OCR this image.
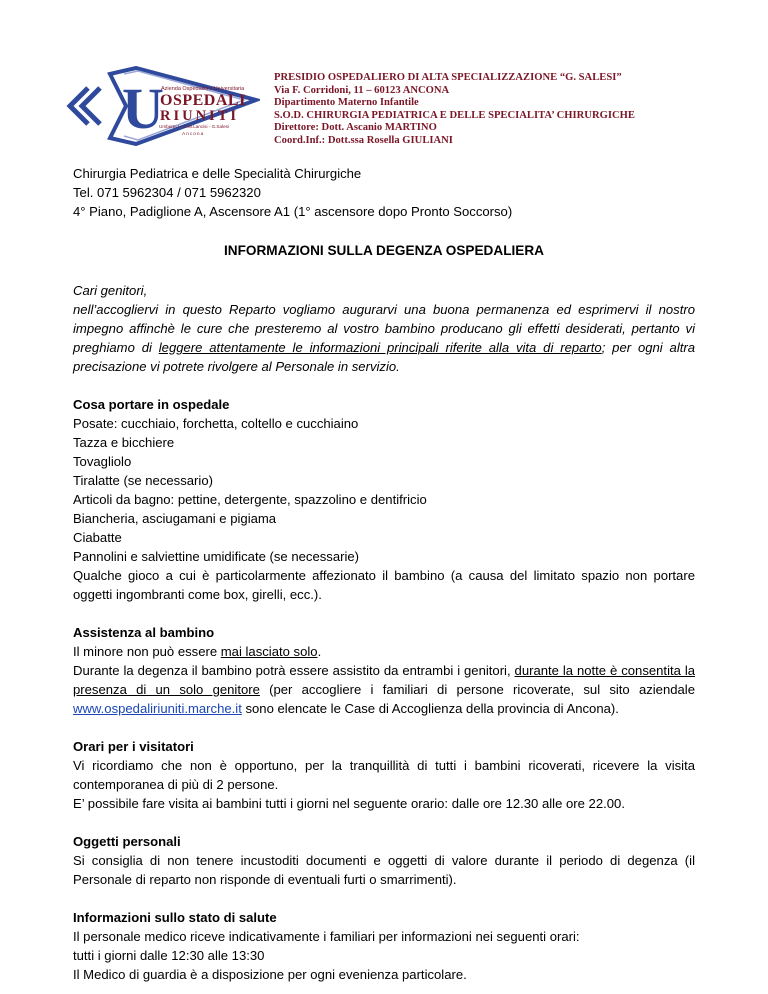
U
Azienda Ospedaliero Universitaria
OSPEDALI
RIUNITI
Umberto I - G.M.Lancisi - G.Salesi
Ancona
PRESIDIO OSPEDALIERO DI ALTA SPECIALIZZAZIONE “G. SALESI”
Via F. Corridoni, 11 – 60123 ANCONA
Dipartimento Materno Infantile
S.O.D. CHIRURGIA PEDIATRICA E DELLE SPECIALITA’ CHIRURGICHE
Direttore: Dott. Ascanio MARTINO
Coord.Inf.: Dott.ssa Rosella GIULIANI

Chirurgia Pediatrica e delle Specialità Chirurgiche

Tel. 071 5962304 / 071 5962320

4° Piano, Padiglione A, Ascensore A1 (1° ascensore dopo Pronto Soccorso)

INFORMAZIONI SULLA DEGENZA OSPEDALIERA

Cari genitori,

nell’accogliervi in questo Reparto vogliamo augurarvi una buona permanenza ed esprimervi il nostro impegno affinchè le cure che presteremo al vostro bambino producano gli effetti desiderati, pertanto vi preghiamo di leggere attentamente le informazioni principali riferite alla vita di reparto; per ogni altra precisazione vi potrete rivolgere al Personale in servizio.

Cosa portare in ospedale

Posate: cucchiaio, forchetta, coltello e cucchiaino

Tazza e bicchiere

Tovagliolo

Tiralatte (se necessario)

Articoli da bagno: pettine, detergente, spazzolino e dentifricio

Biancheria, asciugamani e pigiama

Ciabatte

Pannolini e salviettine umidificate (se necessarie)

Qualche gioco a cui è particolarmente affezionato il bambino (a causa del limitato spazio non portare oggetti ingombranti come box, girelli, ecc.).

Assistenza al bambino

Il minore non può essere mai lasciato solo.

Durante la degenza il bambino potrà essere assistito da entrambi i genitori, durante la notte è consentita la presenza di un solo genitore (per accogliere i familiari di persone ricoverate, sul sito aziendale www.ospedaliriuniti.marche.it sono elencate le Case di Accoglienza della provincia di Ancona).

Orari per i visitatori

Vi ricordiamo che non è opportuno, per la tranquillità di tutti i bambini ricoverati, ricevere la visita contemporanea di più di 2 persone.

E’ possibile fare visita ai bambini tutti i giorni nel seguente orario: dalle ore 12.30 alle ore 22.00.

Oggetti personali

Si consiglia di non tenere incustoditi documenti e oggetti di valore durante il periodo di degenza (il Personale di reparto non risponde di eventuali furti o smarrimenti).

Informazioni sullo stato di salute

Il personale medico riceve indicativamente i familiari per informazioni nei seguenti orari:

tutti i giorni dalle 12:30 alle 13:30

Il Medico di guardia è a disposizione per ogni evenienza particolare.
